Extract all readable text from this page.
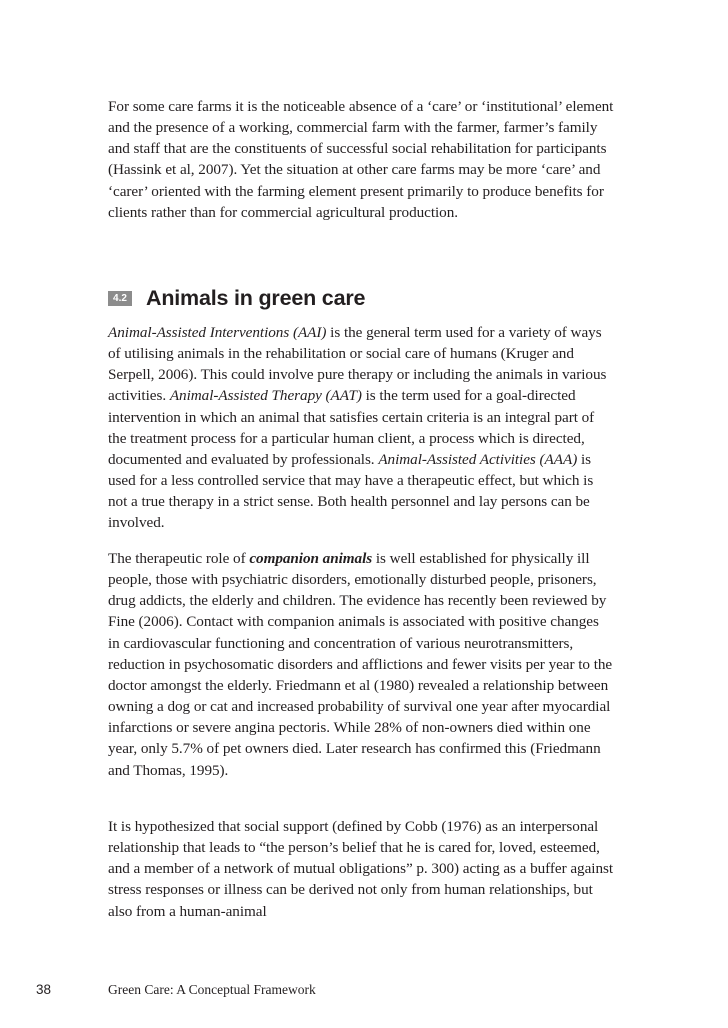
For some care farms it is the noticeable absence of a ‘care’ or ‘institutional’ element and the presence of a working, commercial farm with the farmer, farmer’s family and staff that are the constituents of successful social rehabilitation for participants (Hassink et al, 2007). Yet the situation at other care farms may be more ‘care’ and ‘carer’ oriented with the farming element present primarily to produce benefits for clients rather than for commercial agricultural production.

4.2 Animals in green care

Animal-Assisted Interventions (AAI) is the general term used for a variety of ways of utilising animals in the rehabilitation or social care of humans (Kruger and Serpell, 2006). This could involve pure therapy or including the animals in various activities. Animal-Assisted Therapy (AAT) is the term used for a goal-directed intervention in which an animal that satisfies certain criteria is an integral part of the treatment process for a particular human client, a process which is directed, documented and evaluated by professionals. Animal-Assisted Activities (AAA) is used for a less controlled service that may have a therapeutic effect, but which is not a true therapy in a strict sense. Both health personnel and lay persons can be involved.

The therapeutic role of companion animals is well established for physically ill people, those with psychiatric disorders, emotionally disturbed people, prisoners, drug addicts, the elderly and children. The evidence has recently been reviewed by Fine (2006). Contact with companion animals is associated with positive changes in cardiovascular functioning and concentration of various neurotransmitters, reduction in psychosomatic disorders and afflictions and fewer visits per year to the doctor amongst the elderly. Friedmann et al (1980) revealed a relationship between owning a dog or cat and increased probability of survival one year after myocardial infarctions or severe angina pectoris. While 28% of non-owners died within one year, only 5.7% of pet owners died. Later research has confirmed this (Friedmann and Thomas, 1995).

It is hypothesized that social support (defined by Cobb (1976) as an interpersonal relationship that leads to “the person’s belief that he is cared for, loved, esteemed, and a member of a network of mutual obligations” p. 300) acting as a buffer against stress responses or illness can be derived not only from human relationships, but also from a human-animal

38	Green Care: A Conceptual Framework
